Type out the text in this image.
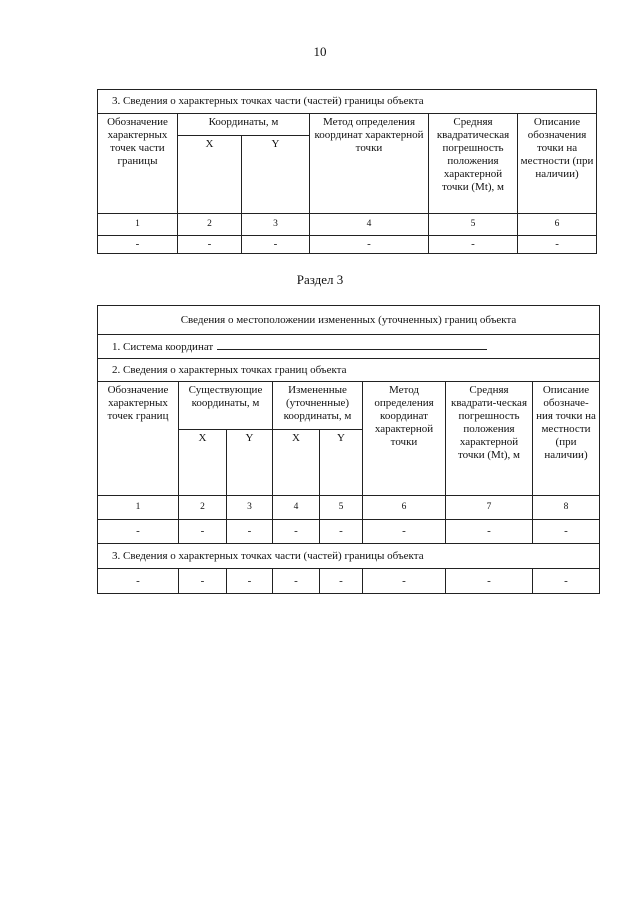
10
3. Сведения о характерных точках части (частей) границы объекта					
Обозначение характерных точек части границы	Координаты, м		Метод определения координат характерной точки	Средняя квадратическая погрешность положения характерной точки (Mt), м	Описание обозначения точки на местности (при наличии)
	X	Y			
1	2	3	4	5	6
-	-	-	-	-	-
Раздел 3
Сведения о местоположении измененных (уточненных) границ объекта							
1. Система координат							
2. Сведения о характерных точках границ объекта							
Обозначение характерных точек границ	Существующие координаты, м		Измененные (уточненные) координаты, м		Метод определения координат характерной точки	Средняя квадрати-ческая погрешность положения характерной точки (Mt), м	Описание обозначе-ния точки на местности (при наличии)
	X	Y	X	Y			
1	2	3	4	5	6	7	8
-	-	-	-	-	-	-	-
3. Сведения о характерных точках части (частей) границы объекта							
-	-	-	-	-	-	-	-
